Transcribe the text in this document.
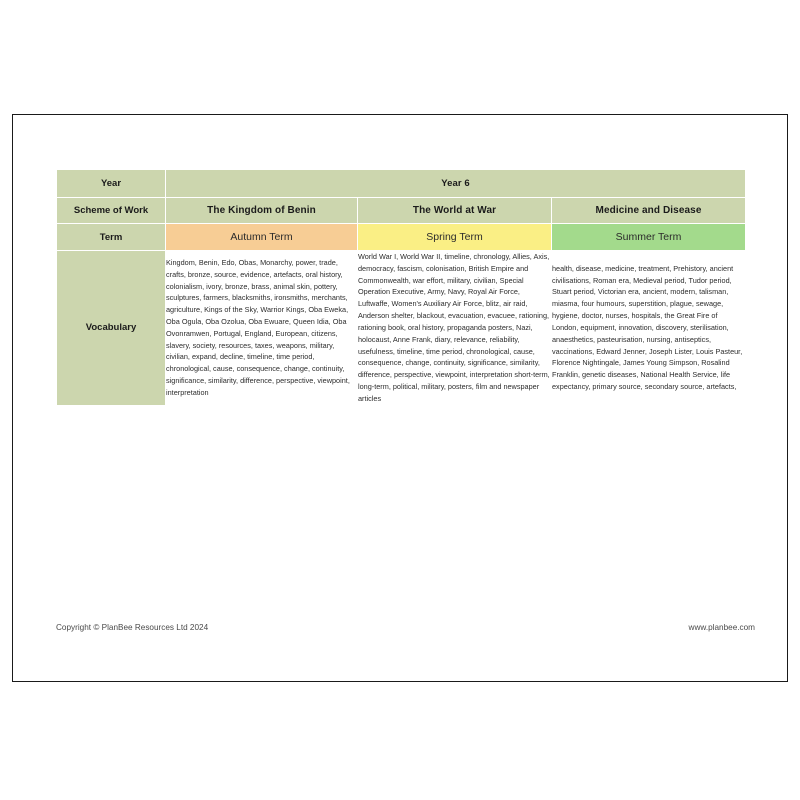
Year	Year 6		
Scheme of Work	The Kingdom of Benin	The World at War	Medicine and Disease
Term	Autumn Term	Spring Term	Summer Term
Vocabulary	Kingdom, Benin, Edo, Obas, Monarchy, power, trade, crafts, bronze, source, evidence, artefacts, oral history, colonialism, ivory, bronze, brass, animal skin, pottery, sculptures, farmers, blacksmiths, ironsmiths, merchants, agriculture, Kings of the Sky, Warrior Kings, Oba Eweka, Oba Ogula, Oba Ozolua, Oba Ewuare, Queen Idia, Oba Ovonramwen, Portugal, England, European, citizens, slavery, society, resources, taxes, weapons, military, civilian, expand, decline, timeline, time period, chronological, cause, consequence, change, continuity, significance, similarity, difference, perspective, viewpoint, interpretation	World War I, World War II, timeline, chronology, Allies, Axis, democracy, fascism, colonisation, British Empire and Commonwealth, war effort, military, civilian, Special Operation Executive, Army, Navy, Royal Air Force, Luftwaffe, Women's Auxiliary Air Force, blitz, air raid, Anderson shelter, blackout, evacuation, evacuee, rationing, rationing book, oral history, propaganda posters, Nazi, holocaust, Anne Frank, diary, relevance, reliability, usefulness, timeline, time period, chronological, cause, consequence, change, continuity, significance, similarity, difference, perspective, viewpoint, interpretation short-term, long-term, political, military, posters, film and newspaper articles	health, disease, medicine, treatment, Prehistory, ancient civilisations, Roman era, Medieval period, Tudor period, Stuart period, Victorian era, ancient, modern, talisman, miasma, four humours, superstition, plague, sewage, hygiene, doctor, nurses, hospitals, the Great Fire of London, equipment, innovation, discovery, sterilisation, anaesthetics, pasteurisation, nursing, antiseptics, vaccinations, Edward Jenner, Joseph Lister, Louis Pasteur, Florence Nightingale, James Young Simpson, Rosalind Franklin, genetic diseases, National Health Service, life expectancy, primary source, secondary source, artefacts,
Copyright © PlanBee Resources Ltd 2024	www.planbee.com
